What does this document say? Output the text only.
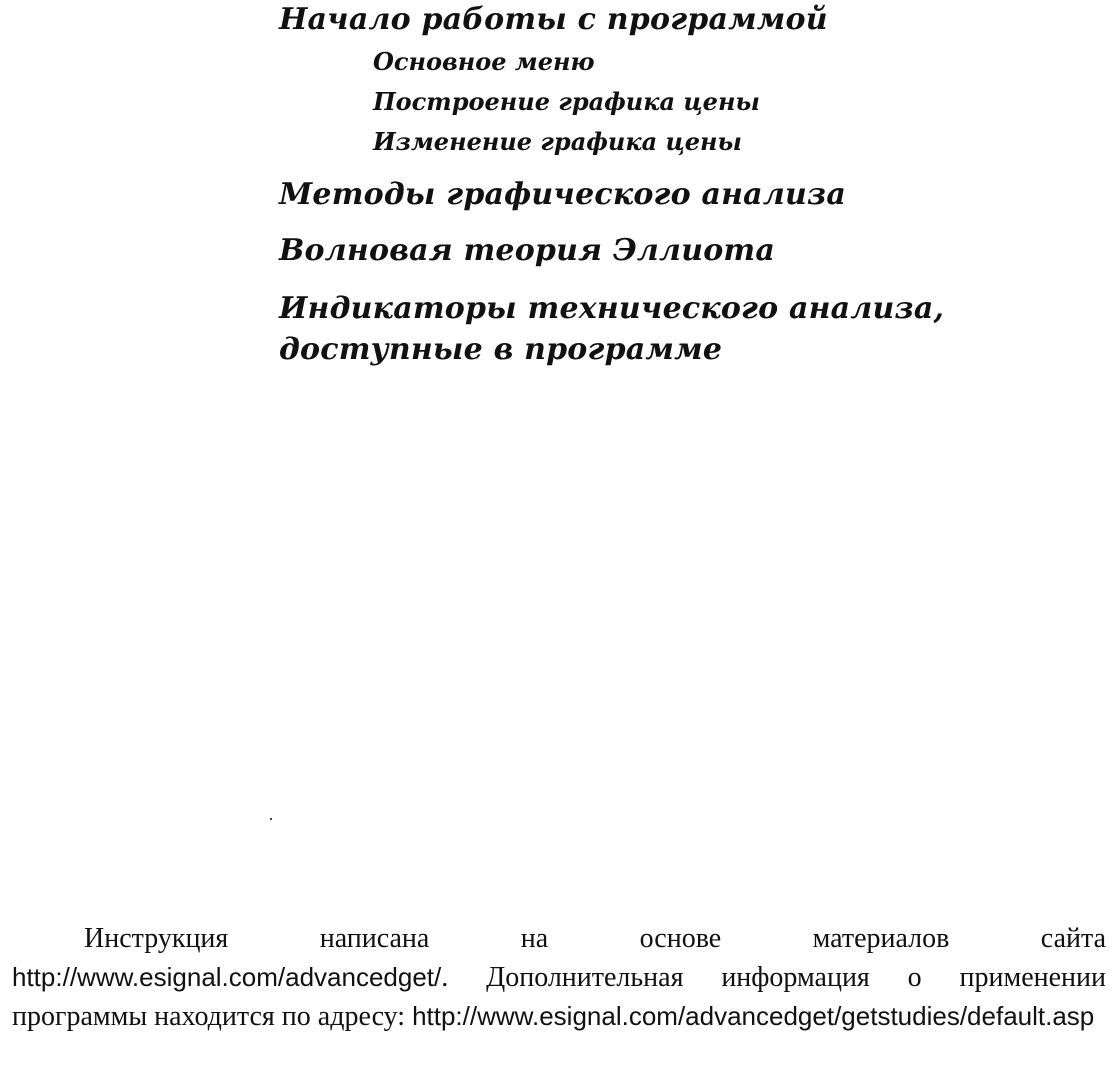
Начало работы с программой
Основное меню
Построение графика цены
Изменение графика цены
Методы графического анализа
Волновая теория Эллиота
Индикаторы технического анализа,
доступные в программе
Инструкция написана на основе материалов сайта http://www.esignal.com/advancedget/. Дополнительная информация о применении программы находится по адресу: http://www.esignal.com/advancedget/getstudies/default.asp
